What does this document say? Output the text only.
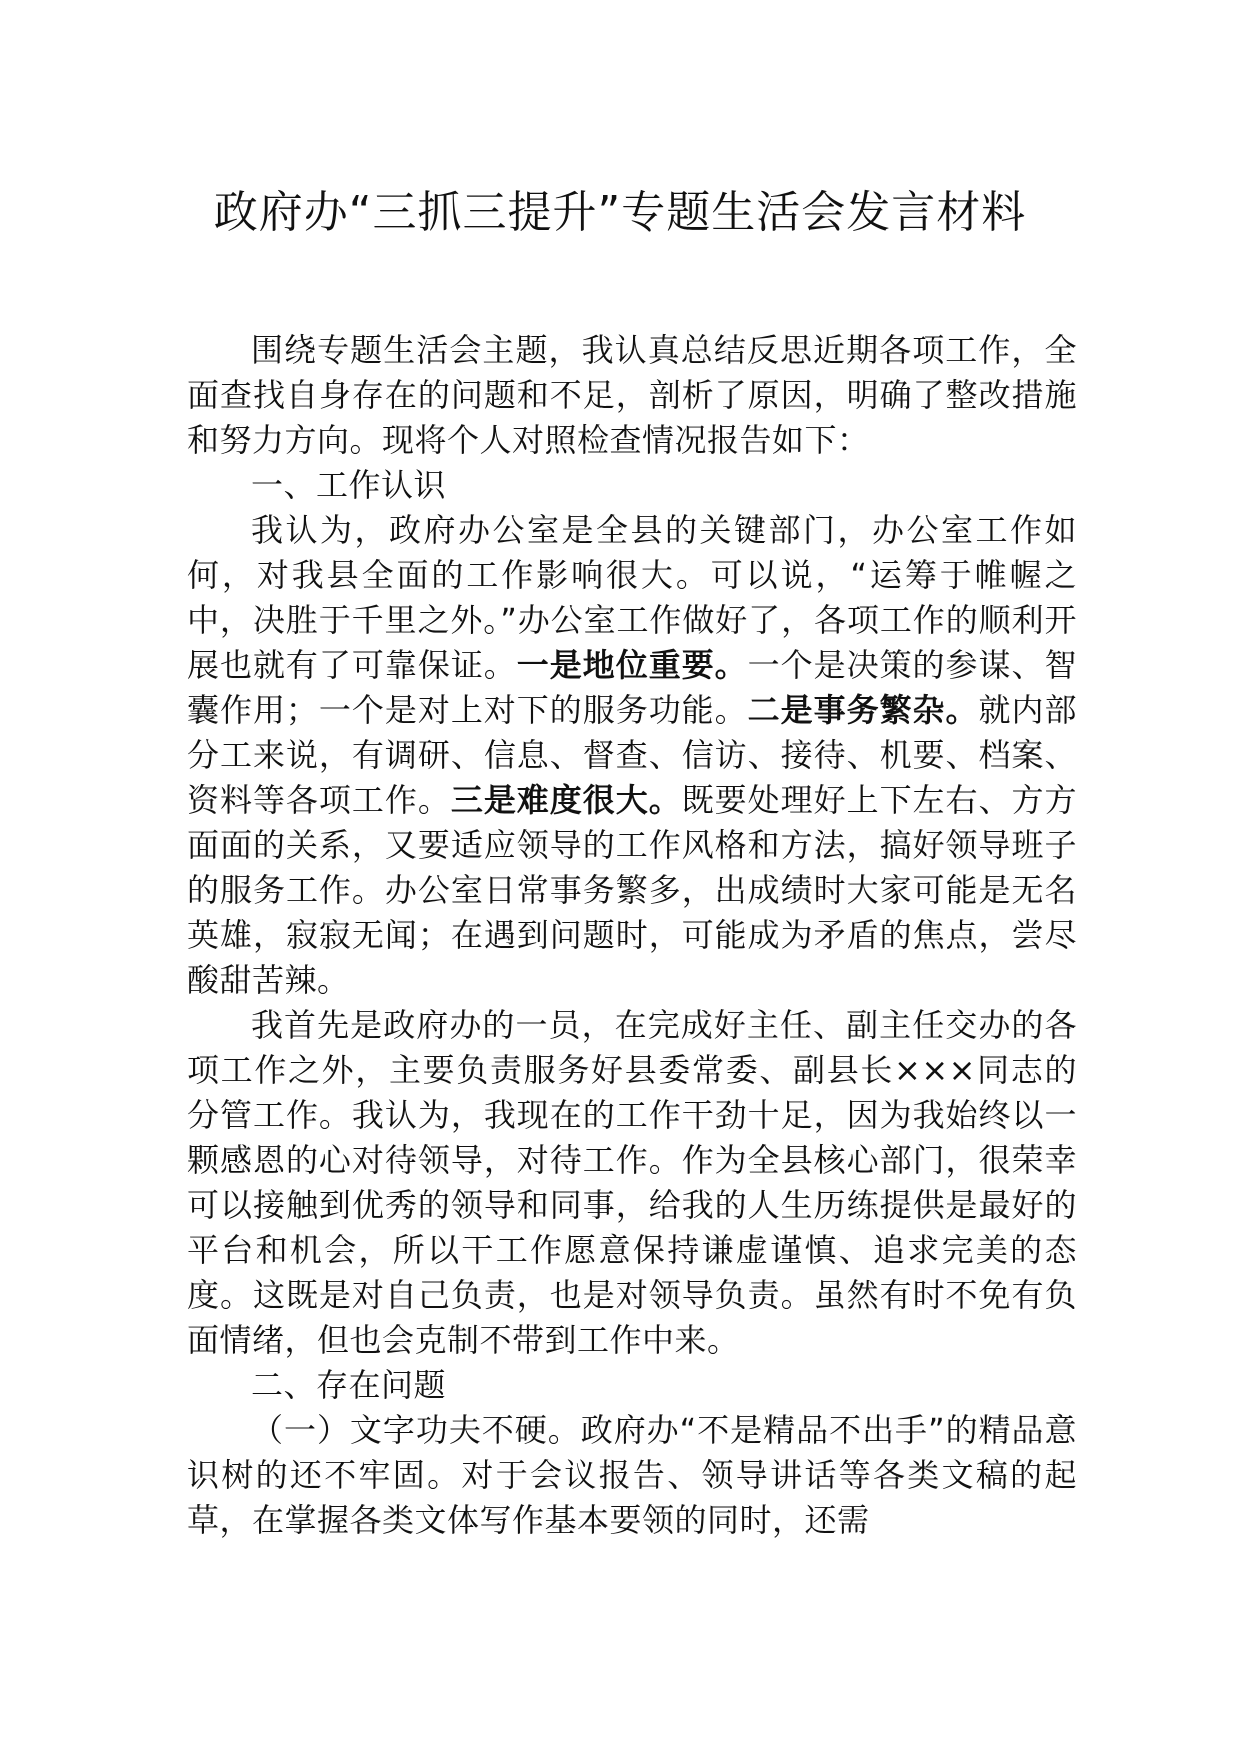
政府办“三抓三提升”专题生活会发言材料

围绕专题生活会主题，我认真总结反思近期各项工作，全面查找自身存在的问题和不足，剖析了原因，明确了整改措施和努力方向。现将个人对照检查情况报告如下：

一、工作认识

我认为，政府办公室是全县的关键部门，办公室工作如何，对我县全面的工作影响很大。可以说，“运筹于帷幄之中，决胜于千里之外。”办公室工作做好了，各项工作的顺利开展也就有了可靠保证。一是地位重要。一个是决策的参谋、智囊作用；一个是对上对下的服务功能。二是事务繁杂。就内部分工来说，有调研、信息、督查、信访、接待、机要、档案、资料等各项工作。三是难度很大。既要处理好上下左右、方方面面的关系，又要适应领导的工作风格和方法，搞好领导班子的服务工作。办公室日常事务繁多，出成绩时大家可能是无名英雄，寂寂无闻；在遇到问题时，可能成为矛盾的焦点，尝尽酸甜苦辣。

我首先是政府办的一员，在完成好主任、副主任交办的各项工作之外，主要负责服务好县委常委、副县长×××同志的分管工作。我认为，我现在的工作干劲十足，因为我始终以一颗感恩的心对待领导，对待工作。作为全县核心部门，很荣幸可以接触到优秀的领导和同事，给我的人生历练提供是最好的平台和机会，所以干工作愿意保持谦虚谨慎、追求完美的态度。这既是对自己负责，也是对领导负责。虽然有时不免有负面情绪，但也会克制不带到工作中来。

二、存在问题

（一）文字功夫不硬。政府办“不是精品不出手”的精品意识树的还不牢固。对于会议报告、领导讲话等各类文稿的起草，在掌握各类文体写作基本要领的同时，还需
